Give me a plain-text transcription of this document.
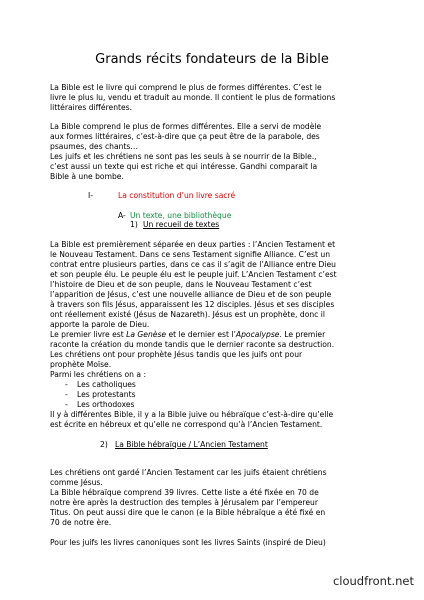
Grands récits fondateurs de la Bible
La Bible est le livre qui comprend le plus de formes différentes. C’est le
livre le plus lu, vendu et traduit au monde. Il contient le plus de formations
littéraires différentes.
La Bible comprend le plus de formes différentes. Elle a servi de modèle
aux formes littéraires, c’est-à-dire que ça peut être de la parabole, des
psaumes, des chants…
Les juifs et les chrétiens ne sont pas les seuls à se nourrir de la Bible.,
c’est aussi un texte qui est riche et qui intéresse. Gandhi comparait la
Bible à une bombe.
I-	La constitution d’un livre sacré
A- Un texte, une bibliothèque
1) Un recueil de textes
La Bible est premièrement séparée en deux parties : l’Ancien Testament et
le Nouveau Testament. Dans ce sens Testament signifie Alliance. C’est un
contrat entre plusieurs parties, dans ce cas il s’agit de l’Alliance entre Dieu
et son peuple élu. Le peuple élu est le peuple juif. L’Ancien Testament c’est
l’histoire de Dieu et de son peuple, dans le Nouveau Testament c’est
l’apparition de Jésus, c’est une nouvelle alliance de Dieu et de son peuple
à travers son fils Jésus, apparaissent les 12 disciples. Jésus et ses disciples
ont réellement existé (Jésus de Nazareth). Jésus est un prophète, donc il
apporte la parole de Dieu.
Le premier livre est La Genèse et le dernier est l’Apocalypse. Le premier
raconte la création du monde tandis que le dernier raconte sa destruction.
Les chrétiens ont pour prophète Jésus tandis que les juifs ont pour
prophète Moïse.
Parmi les chrétiens on a :
- Les catholiques
- Les protestants
- Les orthodoxes
Il y à différentes Bible, il y a la Bible juive ou hébraïque c’est-à-dire qu’elle
est écrite en hébreux et qu’elle ne correspond qu’à l’Ancien Testament.
2) La Bible hébraïque / L’Ancien Testament
Les chrétiens ont gardé l’Ancien Testament car les juifs étaient chrétiens
comme Jésus.
La Bible hébraïque comprend 39 livres. Cette liste a été fixée en 70 de
notre ère après la destruction des temples à Jérusalem par l’empereur
Titus. On peut aussi dire que le canon (e la Bible hébraïque a été fixé en
70 de notre ère.
Pour les juifs les livres canoniques sont les livres Saints (inspiré de Dieu)
cloudfront.net
